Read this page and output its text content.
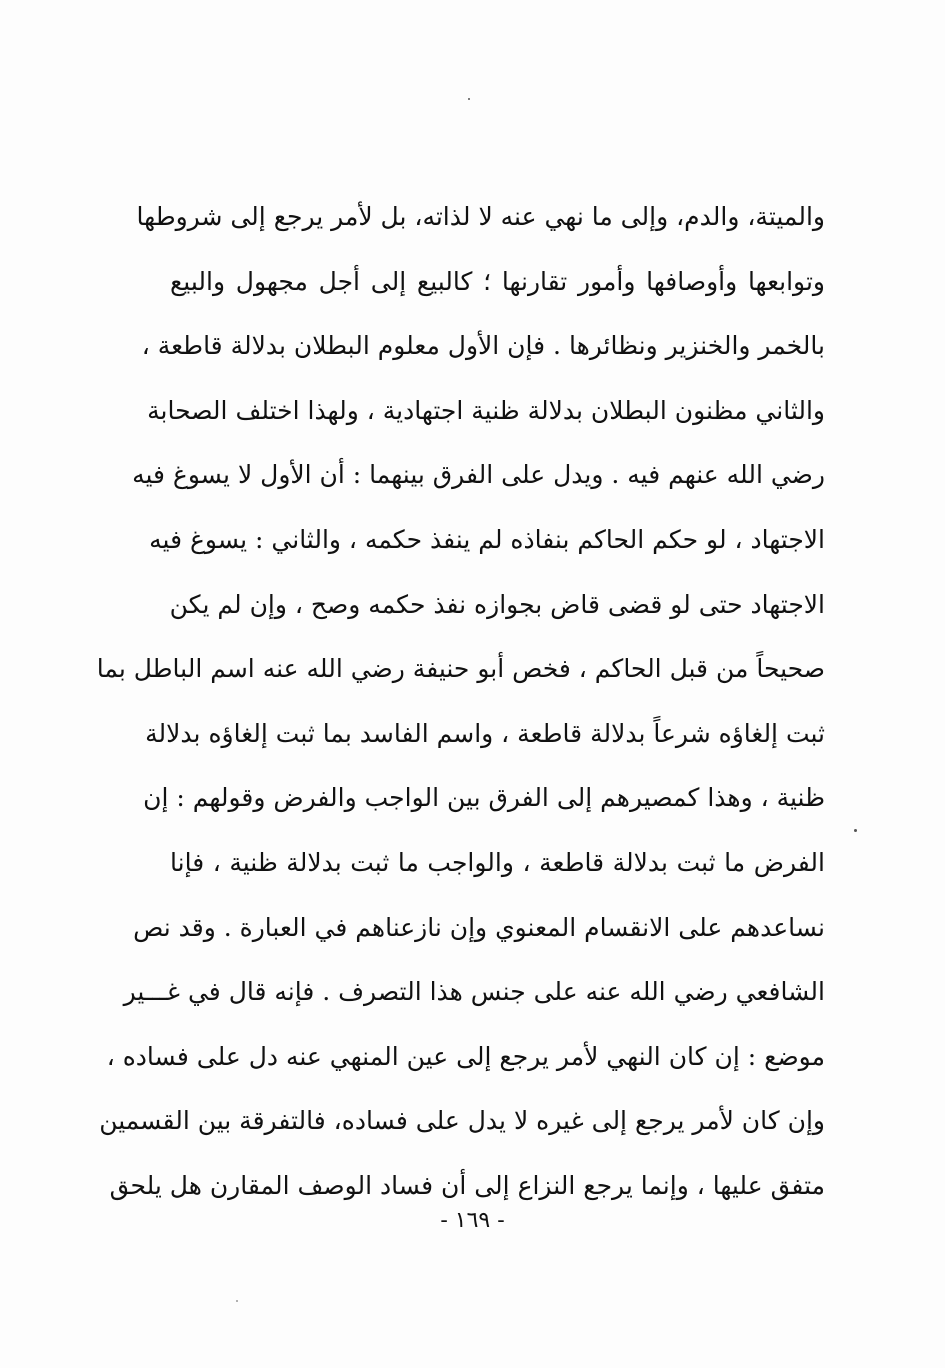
والميتة، والدم، وإلى ما نهي عنه لا لذاته، بل لأمر يرجع إلى شروطها
وتوابعها وأوصافها وأمور تقارنها ؛ كالبيع إلى أجل مجهول والبيع
بالخمر والخنزير ونظائرها . فإن الأول معلوم البطلان بدلالة قاطعة ،
والثاني مظنون البطلان بدلالة ظنية اجتهادية ، ولهذا اختلف الصحابة
رضي الله عنهم فيه . ويدل على الفرق بينهما : أن الأول لا يسوغ فيه
الاجتهاد ، لو حكم الحاكم بنفاذه لم ينفذ حكمه ، والثاني : يسوغ فيه
الاجتهاد حتى لو قضى قاض بجوازه نفذ حكمه وصح ، وإن لم يكن
صحيحاً من قبل الحاكم ، فخص أبو حنيفة رضي الله عنه اسم الباطل بما
ثبت إلغاؤه شرعاً بدلالة قاطعة ، واسم الفاسد بما ثبت إلغاؤه بدلالة
ظنية ، وهذا كمصيرهم إلى الفرق بين الواجب والفرض وقولهم : إن
الفرض ما ثبت بدلالة قاطعة ، والواجب ما ثبت بدلالة ظنية ، فإنا
نساعدهم على الانقسام المعنوي وإن نازعناهم في العبارة . وقد نص
الشافعي رضي الله عنه على جنس هذا التصرف . فإنه قال في غـــير
موضع : إن كان النهي لأمر يرجع إلى عين المنهي عنه دل على فساده ،
وإن كان لأمر يرجع إلى غيره لا يدل على فساده، فالتفرقة بين القسمين
متفق عليها ، وإنما يرجع النزاع إلى أن فساد الوصف المقارن هل يلحق
- ١٦٩ -
